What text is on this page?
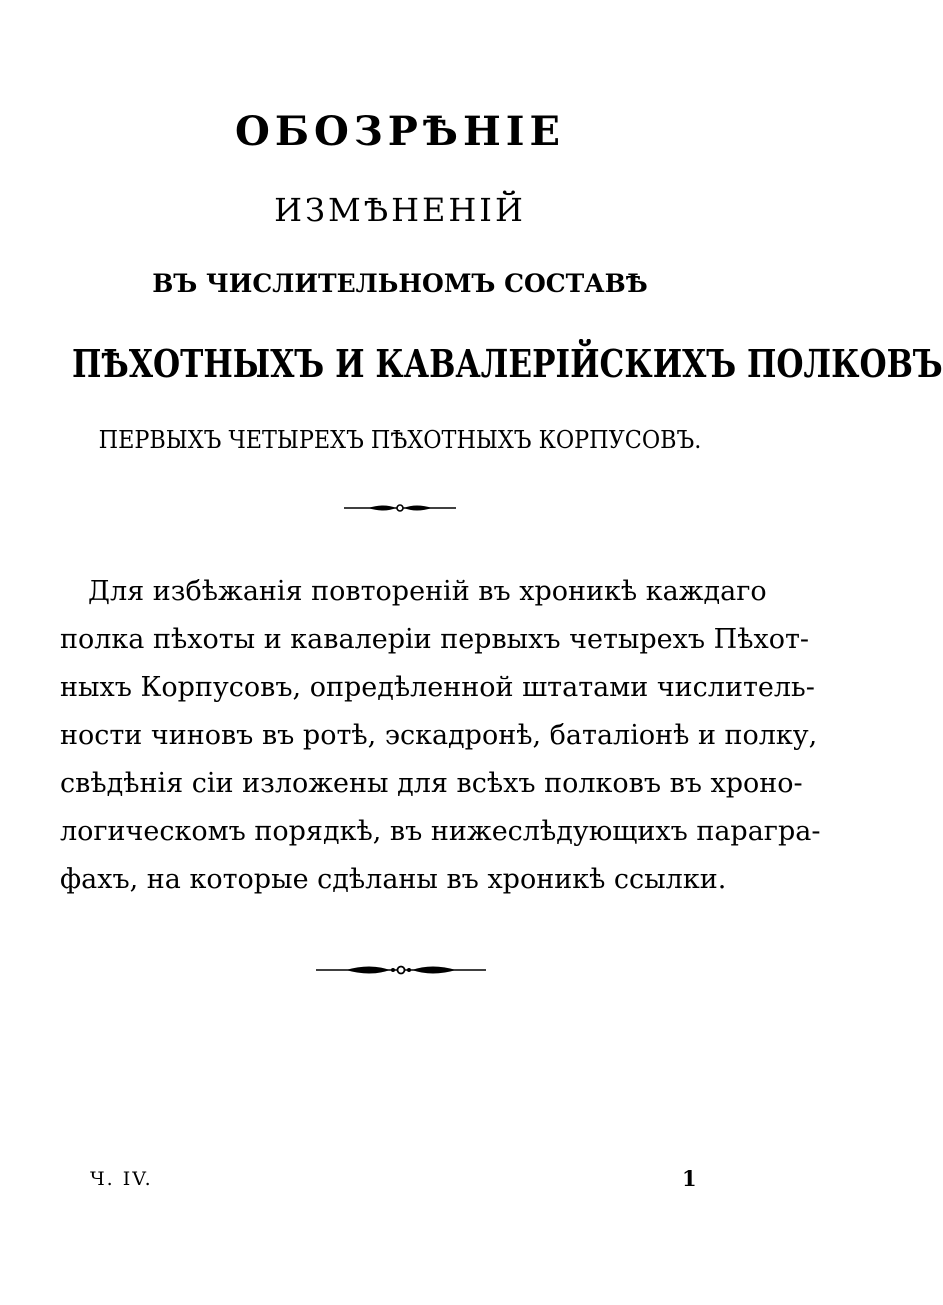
ОБОЗРѢНІЕ
ИЗМѢНЕНІЙ
ВЪ ЧИСЛИТЕЛЬНОМЪ СОСТАВѢ
ПѢХОТНЫХЪ И КАВАЛЕРІЙСКИХЪ ПОЛКОВЪ
ПЕРВЫХЪ ЧЕТЫРЕХЪ ПѢХОТНЫХЪ КОРПУСОВЪ.
Для избѣжанія повтореній въ хроникѣ каждаго
полка пѣхоты и кавалеріи первыхъ четырехъ Пѣхот-
ныхъ Корпусовъ, опредѣленной штатами числитель-
ности чиновъ въ ротѣ, эскадронѣ, баталіонѣ и полку,
свѣдѣнія сіи изложены для всѣхъ полковъ въ хроно-
логическомъ порядкѣ, въ нижеслѣдующихъ парагра-
фахъ, на которые сдѣланы въ хроникѣ ссылки.
Ч. IV.	1
